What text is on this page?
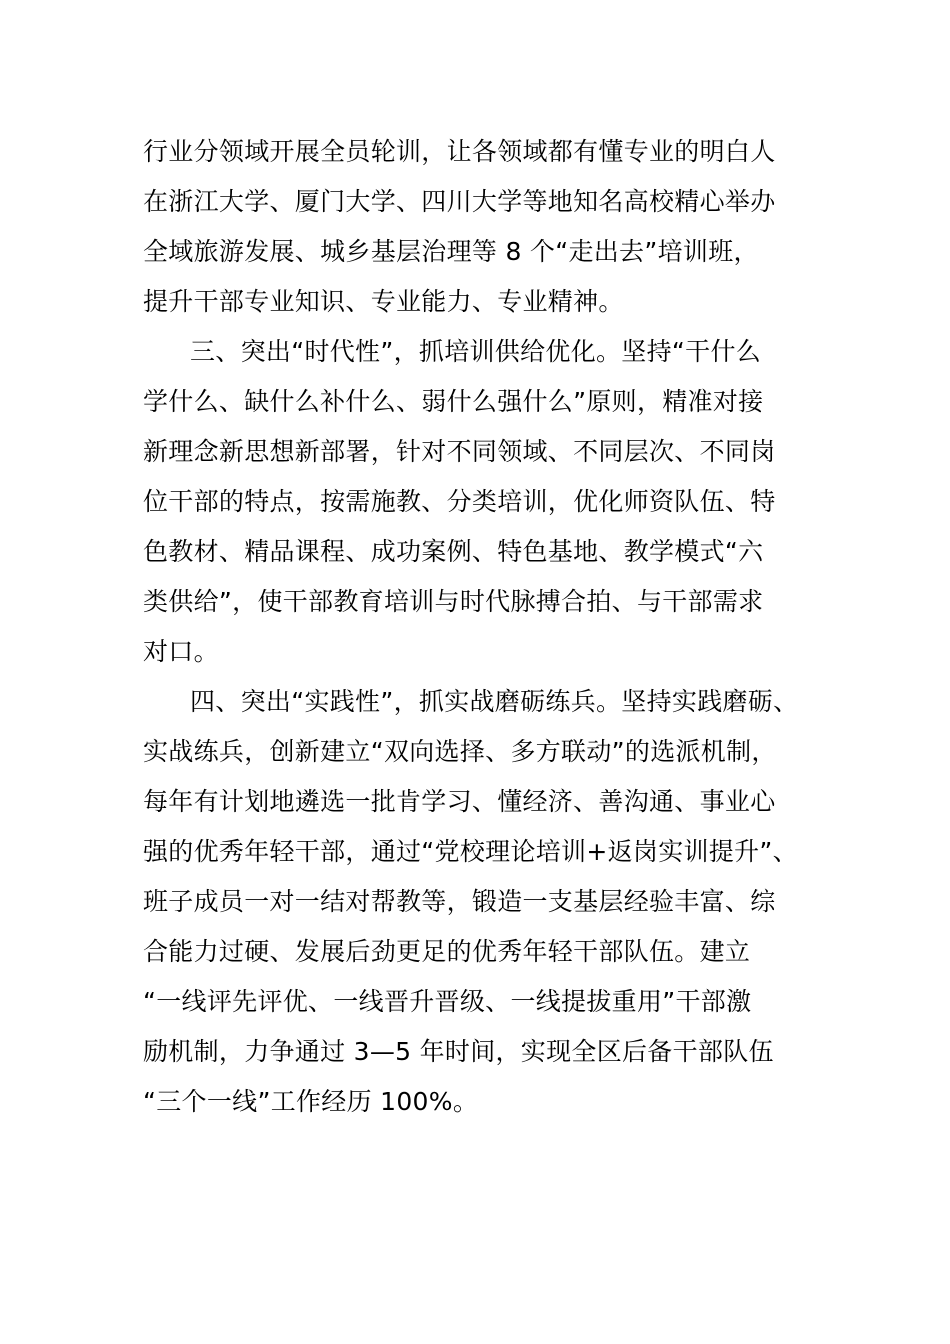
行业分领域开展全员轮训，让各领域都有懂专业的明白人
在浙江大学、厦门大学、四川大学等地知名高校精心举办
全域旅游发展、城乡基层治理等 8 个“走出去”培训班，
提升干部专业知识、专业能力、专业精神。
三、突出“时代性”，抓培训供给优化。坚持“干什么
学什么、缺什么补什么、弱什么强什么”原则，精准对接
新理念新思想新部署，针对不同领域、不同层次、不同岗
位干部的特点，按需施教、分类培训，优化师资队伍、特
色教材、精品课程、成功案例、特色基地、教学模式“六
类供给”，使干部教育培训与时代脉搏合拍、与干部需求
对口。
四、突出“实践性”，抓实战磨砺练兵。坚持实践磨砺、
实战练兵，创新建立“双向选择、多方联动”的选派机制，
每年有计划地遴选一批肯学习、懂经济、善沟通、事业心
强的优秀年轻干部，通过“党校理论培训+返岗实训提升”、
班子成员一对一结对帮教等，锻造一支基层经验丰富、综
合能力过硬、发展后劲更足的优秀年轻干部队伍。建立
“一线评先评优、一线晋升晋级、一线提拔重用”干部激
励机制，力争通过 3—5 年时间，实现全区后备干部队伍
“三个一线”工作经历 100%。
